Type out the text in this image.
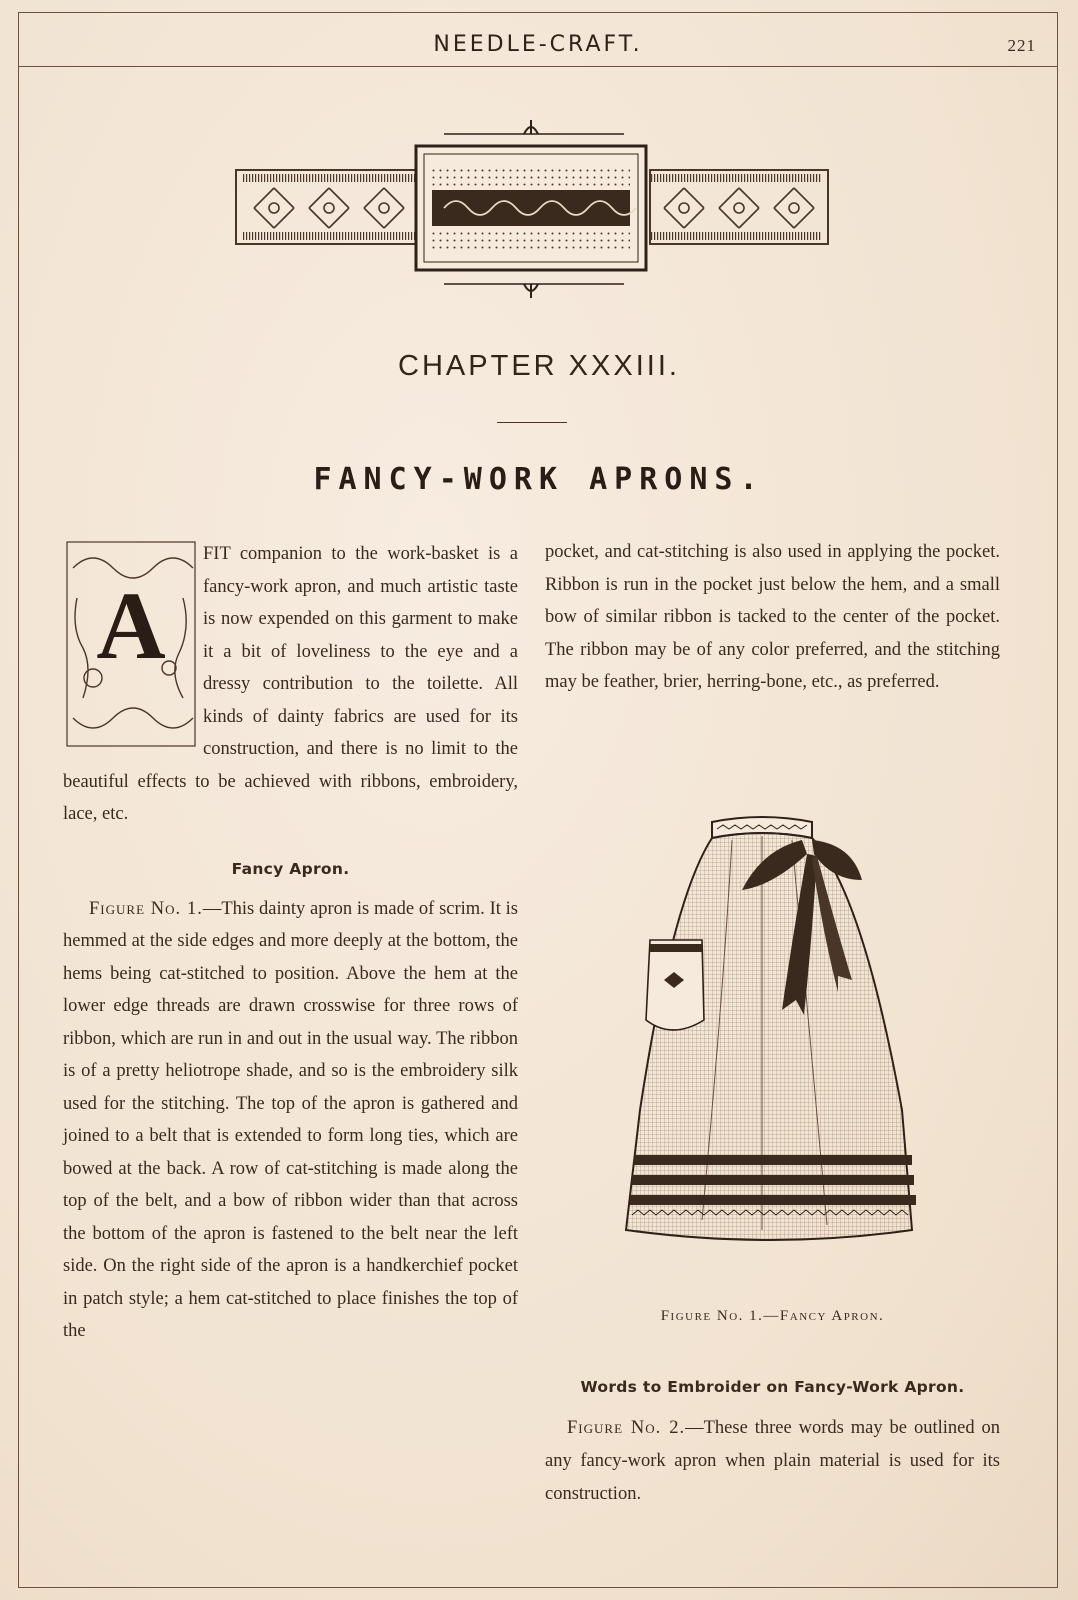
NEEDLE-CRAFT.	221
CHAPTER XXXIII.
FANCY-WORK APRONS.
A

FIT companion to the work-basket is a fancy-work apron, and much artistic taste is now expended on this garment to make it a bit of loveliness to the eye and a dressy contribution to the toilette. All kinds of dainty fabrics are used for its construction, and there is no limit to the beautiful effects to be achieved with ribbons, embroidery, lace, etc.

Fancy Apron.

Figure No. 1.—This dainty apron is made of scrim. It is hemmed at the side edges and more deeply at the bottom, the hems being cat-stitched to position. Above the hem at the lower edge threads are drawn crosswise for three rows of ribbon, which are run in and out in the usual way. The ribbon is of a pretty heliotrope shade, and so is the embroidery silk used for the stitching. The top of the apron is gathered and joined to a belt that is extended to form long ties, which are bowed at the back. A row of cat-stitching is made along the top of the belt, and a bow of ribbon wider than that across the bottom of the apron is fastened to the belt near the left side. On the right side of the apron is a handkerchief pocket in patch style; a hem cat-stitched to place finishes the top of the

pocket, and cat-stitching is also used in applying the pocket. Ribbon is run in the pocket just below the hem, and a small bow of similar ribbon is tacked to the center of the pocket. The ribbon may be of any color preferred, and the stitching may be feather, brier, herring-bone, etc., as preferred.

Figure No. 1.—Fancy Apron.
Words to Embroider on Fancy-Work Apron.

Figure No. 2.—These three words may be outlined on any fancy-work apron when plain material is used for its construction.
